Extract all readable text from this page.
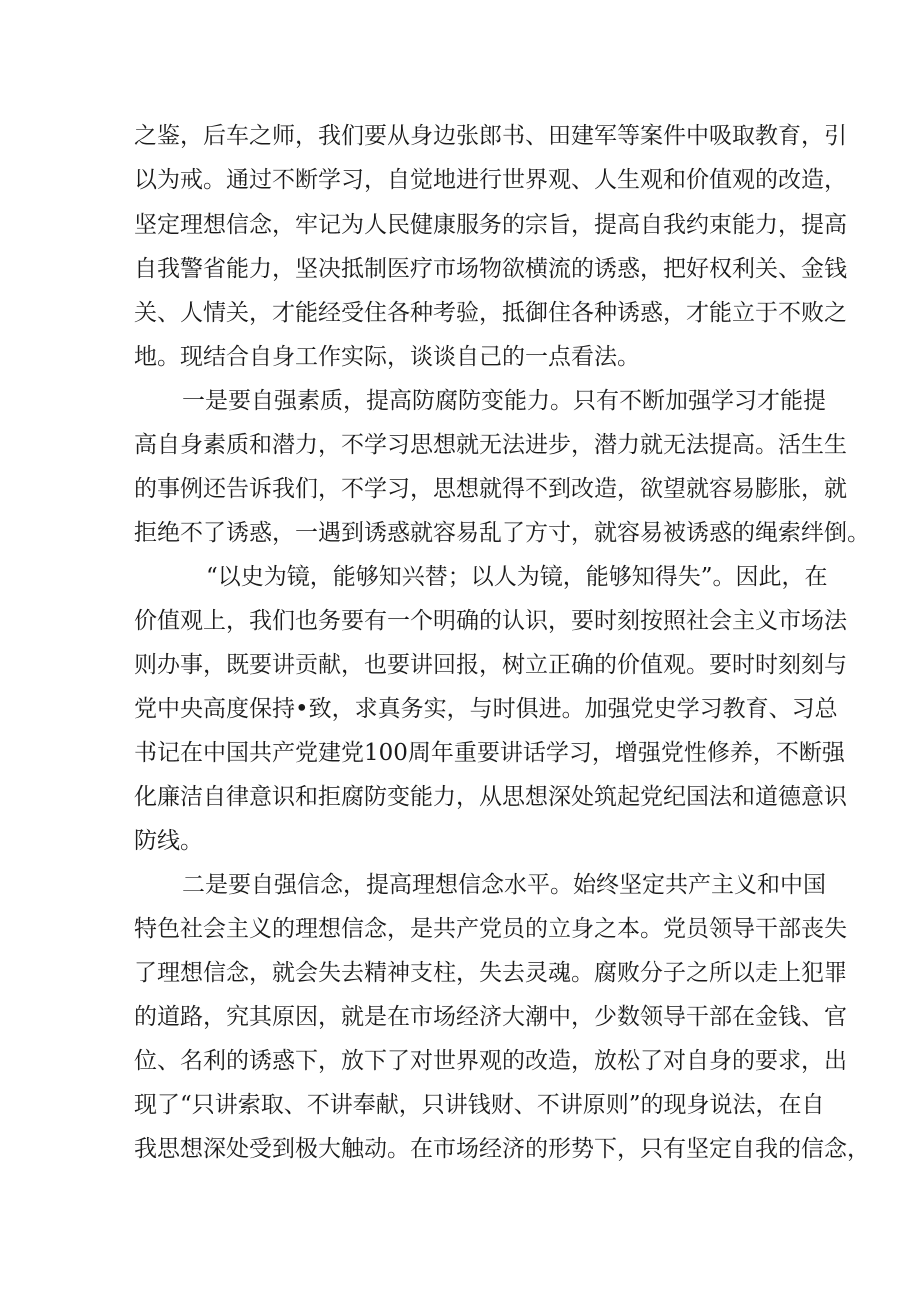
之鉴，后车之师，我们要从身边张郎书、田建军等案件中吸取教育，引
以为戒。通过不断学习，自觉地进行世界观、人生观和价值观的改造，
坚定理想信念，牢记为人民健康服务的宗旨，提高自我约束能力，提高
自我警省能力，坚决抵制医疗市场物欲横流的诱惑，把好权利关、金钱
关、人情关，才能经受住各种考验，抵御住各种诱惑，才能立于不败之
地。现结合自身工作实际，谈谈自己的一点看法。
一是要自强素质，提高防腐防变能力。只有不断加强学习才能提
高自身素质和潜力，不学习思想就无法进步，潜力就无法提高。活生生
的事例还告诉我们，不学习，思想就得不到改造，欲望就容易膨胀，就
拒绝不了诱惑，一遇到诱惑就容易乱了方寸，就容易被诱惑的绳索绊倒。
“以史为镜，能够知兴替；以人为镜，能够知得失”。因此，在
价值观上，我们也务要有一个明确的认识，要时刻按照社会主义市场法
则办事，既要讲贡献，也要讲回报，树立正确的价值观。要时时刻刻与
党中央高度保持•致，求真务实，与时俱进。加强党史学习教育、习总
书记在中国共产党建党100周年重要讲话学习，增强党性修养，不断强
化廉洁自律意识和拒腐防变能力，从思想深处筑起党纪国法和道德意识
防线。
二是要自强信念，提高理想信念水平。始终坚定共产主义和中国
特色社会主义的理想信念，是共产党员的立身之本。党员领导干部丧失
了理想信念，就会失去精神支柱，失去灵魂。腐败分子之所以走上犯罪
的道路，究其原因，就是在市场经济大潮中，少数领导干部在金钱、官
位、名利的诱惑下，放下了对世界观的改造，放松了对自身的要求，出
现了“只讲索取、不讲奉献，只讲钱财、不讲原则”的现身说法，在自
我思想深处受到极大触动。在市场经济的形势下，只有坚定自我的信念，
